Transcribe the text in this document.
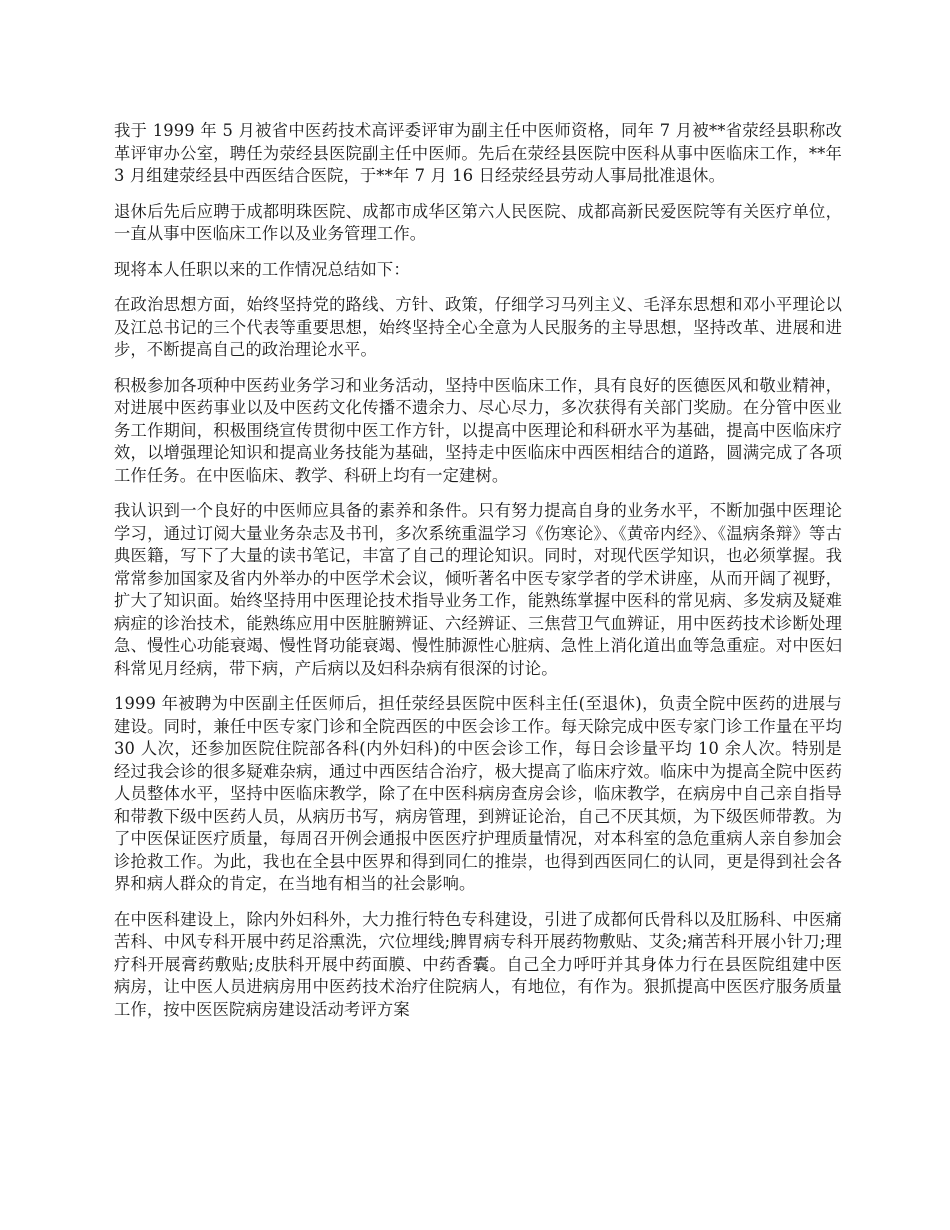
我于 1999 年 5 月被省中医药技术高评委评审为副主任中医师资格，同年 7 月被**省荥经县职称改革评审办公室，聘任为荥经县医院副主任中医师。先后在荥经县医院中医科从事中医临床工作，**年 3 月组建荥经县中西医结合医院，于**年 7 月 16 日经荥经县劳动人事局批准退休。

退休后先后应聘于成都明珠医院、成都市成华区第六人民医院、成都高新民爱医院等有关医疗单位，一直从事中医临床工作以及业务管理工作。

现将本人任职以来的工作情况总结如下：

在政治思想方面，始终坚持党的路线、方针、政策，仔细学习马列主义、毛泽东思想和邓小平理论以及江总书记的三个代表等重要思想，始终坚持全心全意为人民服务的主导思想，坚持改革、进展和进步，不断提高自己的政治理论水平。

积极参加各项种中医药业务学习和业务活动，坚持中医临床工作，具有良好的医德医风和敬业精神，对进展中医药事业以及中医药文化传播不遗余力、尽心尽力，多次获得有关部门奖励。在分管中医业务工作期间，积极围绕宣传贯彻中医工作方针，以提高中医理论和科研水平为基础，提高中医临床疗效，以增强理论知识和提高业务技能为基础，坚持走中医临床中西医相结合的道路，圆满完成了各项工作任务。在中医临床、教学、科研上均有一定建树。

我认识到一个良好的中医师应具备的素养和条件。只有努力提高自身的业务水平，不断加强中医理论学习，通过订阅大量业务杂志及书刊，多次系统重温学习《伤寒论》、《黄帝内经》、《温病条辩》等古典医籍，写下了大量的读书笔记，丰富了自己的理论知识。同时，对现代医学知识，也必须掌握。我常常参加国家及省内外举办的中医学术会议，倾听著名中医专家学者的学术讲座，从而开阔了视野，扩大了知识面。始终坚持用中医理论技术指导业务工作，能熟练掌握中医科的常见病、多发病及疑难病症的诊治技术，能熟练应用中医脏腑辨证、六经辨证、三焦营卫气血辨证，用中医药技术诊断处理急、慢性心功能衰竭、慢性肾功能衰竭、慢性肺源性心脏病、急性上消化道出血等急重症。对中医妇科常见月经病，带下病，产后病以及妇科杂病有很深的讨论。

1999 年被聘为中医副主任医师后，担任荥经县医院中医科主任(至退休)，负责全院中医药的进展与建设。同时，兼任中医专家门诊和全院西医的中医会诊工作。每天除完成中医专家门诊工作量在平均 30 人次，还参加医院住院部各科(内外妇科)的中医会诊工作，每日会诊量平均 10 余人次。特别是经过我会诊的很多疑难杂病，通过中西医结合治疗，极大提高了临床疗效。临床中为提高全院中医药人员整体水平，坚持中医临床教学，除了在中医科病房查房会诊，临床教学，在病房中自己亲自指导和带教下级中医药人员，从病历书写，病房管理，到辨证论治，自己不厌其烦，为下级医师带教。为了中医保证医疗质量，每周召开例会通报中医医疗护理质量情况，对本科室的急危重病人亲自参加会诊抢救工作。为此，我也在全县中医界和得到同仁的推崇，也得到西医同仁的认同，更是得到社会各界和病人群众的肯定，在当地有相当的社会影响。

在中医科建设上，除内外妇科外，大力推行特色专科建设，引进了成都何氏骨科以及肛肠科、中医痛苦科、中风专科开展中药足浴熏洗，穴位埋线;脾胃病专科开展药物敷贴、艾灸;痛苦科开展小针刀;理疗科开展膏药敷贴;皮肤科开展中药面膜、中药香囊。自己全力呼吁并其身体力行在县医院组建中医病房，让中医人员进病房用中医药技术治疗住院病人，有地位，有作为。狠抓提高中医医疗服务质量工作，按中医医院病房建设活动考评方案
